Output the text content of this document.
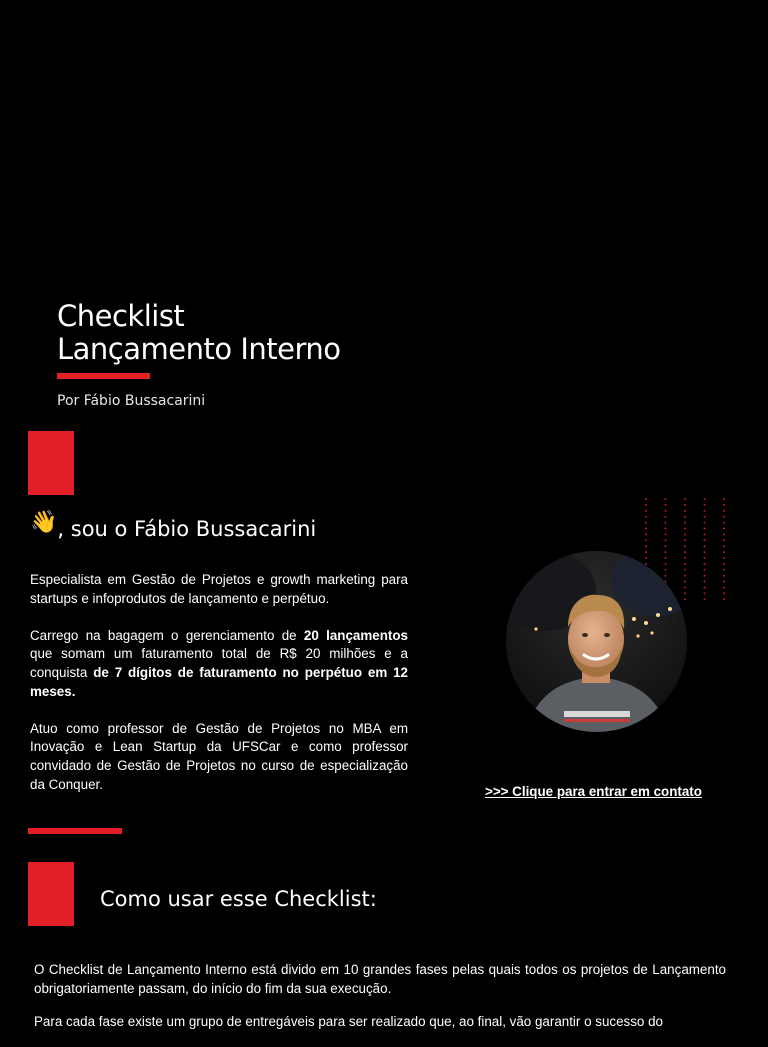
Checklist
Lançamento Interno
Por Fábio Bussacarini
👋, sou o Fábio Bussacarini

Especialista em Gestão de Projetos e growth marketing para startups e infoprodutos de lançamento e perpétuo.

Carrego na bagagem o gerenciamento de 20 lançamentos que somam um faturamento total de R$ 20 milhões e a conquista de 7 dígitos de faturamento no perpétuo em 12 meses.

Atuo como professor de Gestão de Projetos no MBA em Inovação e Lean Startup da UFSCar e como professor convidado de Gestão de Projetos no curso de especialização da Conquer.	>>> Clique para entrar em contato
Como usar esse Checklist:

O Checklist de Lançamento Interno está divido em 10 grandes fases pelas quais todos os projetos de Lançamento obrigatoriamente passam, do início do fim da sua execução.

Para cada fase existe um grupo de entregáveis para ser realizado que, ao final, vão garantir o sucesso do
